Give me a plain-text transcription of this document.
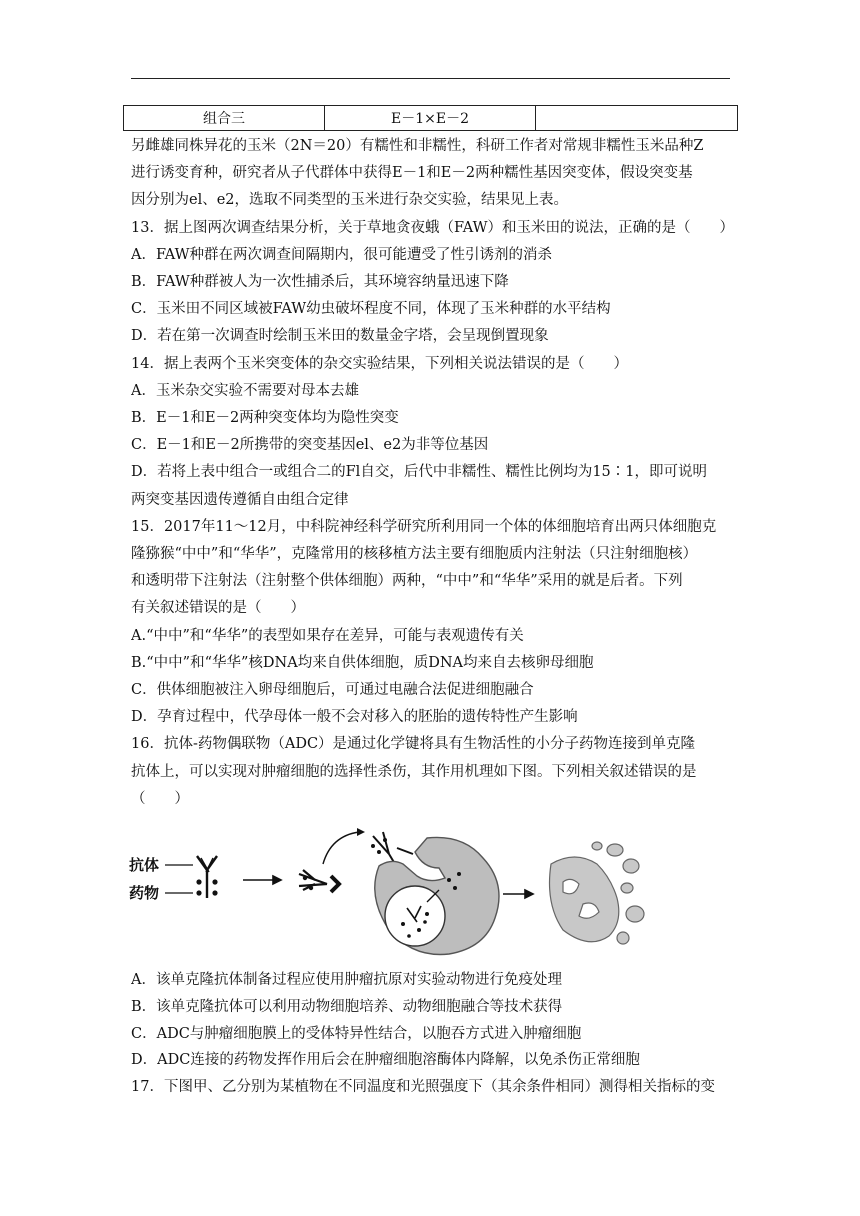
组合三	E－1×E－2	

另雌雄同株异花的玉米（2N＝20）有糯性和非糯性，科研工作者对常规非糯性玉米品种Z

进行诱变育种，研究者从子代群体中获得E－1和E－2两种糯性基因突变体，假设突变基

因分别为el、e2，选取不同类型的玉米进行杂交实验，结果见上表。

13．据上图两次调查结果分析，关于草地贪夜蛾（FAW）和玉米田的说法，正确的是（　　）

A．FAW种群在两次调查间隔期内，很可能遭受了性引诱剂的消杀

B．FAW种群被人为一次性捕杀后，其环境容纳量迅速下降

C．玉米田不同区域被FAW幼虫破坏程度不同，体现了玉米种群的水平结构

D．若在第一次调查时绘制玉米田的数量金字塔，会呈现倒置现象

14．据上表两个玉米突变体的杂交实验结果，下列相关说法错误的是（　　）

A．玉米杂交实验不需要对母本去雄

B．E－1和E－2两种突变体均为隐性突变

C．E－1和E－2所携带的突变基因el、e2为非等位基因

D．若将上表中组合一或组合二的Fl自交，后代中非糯性、糯性比例均为15∶1，即可说明

两突变基因遗传遵循自由组合定律

15．2017年11～12月，中科院神经科学研究所利用同一个体的体细胞培育出两只体细胞克

隆猕猴“中中”和“华华”，克隆常用的核移植方法主要有细胞质内注射法（只注射细胞核）

和透明带下注射法（注射整个供体细胞）两种，“中中”和“华华”采用的就是后者。下列

有关叙述错误的是（　　）

A.“中中”和“华华”的表型如果存在差异，可能与表观遗传有关

B.“中中”和“华华”核DNA均来自供体细胞，质DNA均来自去核卵母细胞

C．供体细胞被注入卵母细胞后，可通过电融合法促进细胞融合

D．孕育过程中，代孕母体一般不会对移入的胚胎的遗传特性产生影响

16．抗体-药物偶联物（ADC）是通过化学键将具有生物活性的小分子药物连接到单克隆

抗体上，可以实现对肿瘤细胞的选择性杀伤，其作用机理如下图。下列相关叙述错误的是

（　　）

抗体
药物

A．该单克隆抗体制备过程应使用肿瘤抗原对实验动物进行免疫处理

B．该单克隆抗体可以利用动物细胞培养、动物细胞融合等技术获得

C．ADC与肿瘤细胞膜上的受体特异性结合，以胞吞方式进入肿瘤细胞

D．ADC连接的药物发挥作用后会在肿瘤细胞溶酶体内降解，以免杀伤正常细胞

17．下图甲、乙分别为某植物在不同温度和光照强度下（其余条件相同）测得相关指标的变
